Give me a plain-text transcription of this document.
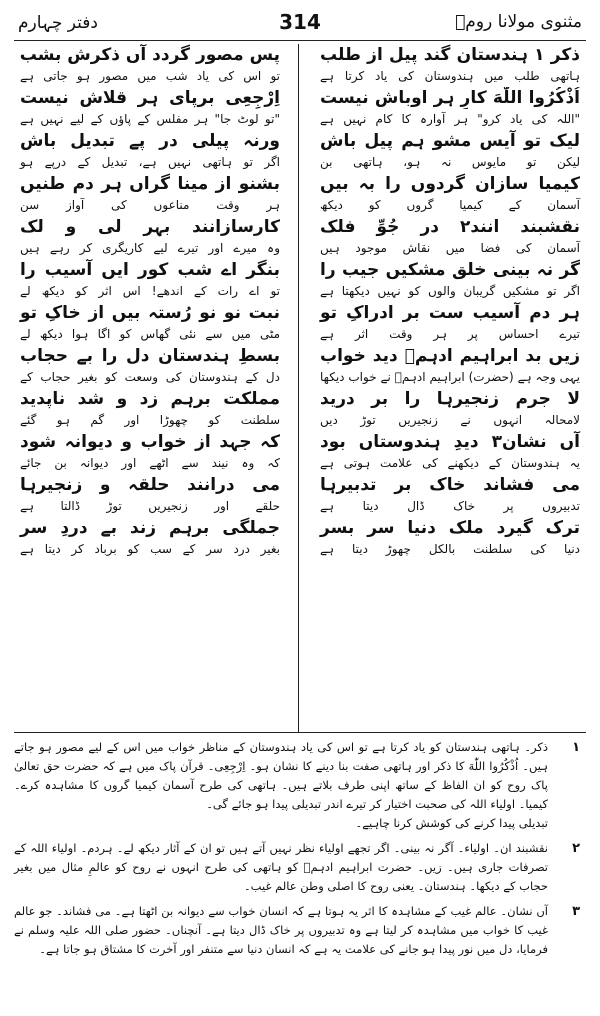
مثنوی مولانا رومؒ
314
دفتر چہارم
ذکر ۱ ہندستان گند پیل از طلب
ہاتھی طلب میں ہندوستان کی یاد کرتا ہے
اُذْكُرُوا اللّٰهَ کارِ ہر اوباش نیست
"اللہ کی یاد کرو" ہر آوارہ کا کام نہیں ہے
لیک تو آیس مشو ہم پیل باش
لیکن تو مایوس نہ ہو، ہاتھی بن
کیمیا سازان گردوں را بہ بیں
آسمان کے کیمیا گروں کو دیکھ
نقشبند انند۲ در جُوِّ فلک
آسمان کی فضا میں نقاش موجود ہیں
گر نہ بینی خلق مشکیں جیب را
اگر تو مشکیں گریبان والوں کو نہیں دیکھتا ہے
ہر دم آسیب ست بر ادراکِ تو
تیرے احساس پر ہر وقت اثر ہے
زیں بد ابراہیم ادہمؒ دید خواب
یہی وجہ ہے (حضرت) ابراہیم ادہمؒ نے خواب دیکھا
لا جرم زنجیرہا را بر درید
لامحالہ انہوں نے زنجیریں توڑ دیں
آں نشان۳ دیدِ ہندوستاں بود
یہ ہندوستان کے دیکھنے کی علامت ہوتی ہے
می فشاند خاک بر تدبیرہا
تدبیروں پر خاک ڈال دیتا ہے
ترک گیرد ملک دنیا سر بسر
دنیا کی سلطنت بالکل چھوڑ دیتا ہے
پس مصور گردد آں ذکرش بشب
تو اس کی یاد شب میں مصور ہو جاتی ہے
اِرْجِعِی برپای ہر قلاش نیست
"تو لوٹ جا" ہر مفلس کے پاؤں کے لیے نہیں ہے
ورنہ پیلی در پے تبدیل باش
اگر تو ہاتھی نہیں ہے، تبدیل کے درپے ہو
بشنو از مینا گراں ہر دم طنیں
ہر وقت مناعوں کی آواز سن
کارسازانند بہر لی و لک
وہ میرے اور تیرے لیے کاریگری کر رہے ہیں
بنگر اے شب کور ایں آسیب را
تو اے رات کے اندھے! اس اثر کو دیکھ لے
نبت نو نو رُستہ بیں از خاکِ تو
مٹی میں سے نئی گھاس کو اگا ہوا دیکھ لے
بسطِ ہندستان دل را بے حجاب
دل کے ہندوستان کی وسعت کو بغیر حجاب کے
مملکت برہم زد و شد ناپدید
سلطنت کو چھوڑا اور گم ہو گئے
کہ جہد از خواب و دیوانہ شود
کہ وہ نیند سے اٹھے اور دیوانہ بن جائے
می درانند حلقہ و زنجیرہا
حلقے اور زنجیریں توڑ ڈالتا ہے
جملگی برہم زند بے دردِ سر
بغیر درد سر کے سب کو برباد کر دیتا ہے
۱
ذکر۔ ہاتھی ہندستان کو یاد کرتا ہے تو اس کی یاد ہندوستان کے مناظر خواب میں اس کے لیے مصور ہو جاتے ہیں۔ اُذْكُرُوا اللّٰهَ کا ذکر اور ہاتھی صفت بنا دینے کا نشان ہو۔ اِرْجِعِی۔ قرآن پاک میں ہے کہ حضرت حق تعالیٰ پاک روح کو ان الفاظ کے ساتھ اپنی طرف بلاتے ہیں۔ ہاتھی کی طرح آسمان کیمیا گروں کا مشاہدہ کرے۔ کیمیا۔ اولیاء اللہ کی صحبت اختیار کر تیرے اندر تبدیلی پیدا ہو جائے گی۔
تبدیلی پیدا کرنے کی کوشش کرنا چاہیے۔
۲
نقشبند ان۔ اولیاء۔ آگر نہ بینی۔ اگر تجھے اولیاء نظر نہیں آتے ہیں تو ان کے آثار دیکھ لے۔ ہردم۔ اولیاء اللہ کے تصرفات جاری ہیں۔ زیں۔ حضرت ابراہیم ادہمؒ کو ہاتھی کی طرح انہوں نے روح کو عالمِ مثال میں بغیر حجاب کے دیکھا۔ ہندستان۔ یعنی روح کا اصلی وطن عالم غیب۔
۳
آں نشان۔ عالم غیب کے مشاہدہ کا اثر یہ ہوتا ہے کہ انسان خواب سے دیوانہ بن اٹھتا ہے۔ می فشاند۔ جو عالم غیب کا خواب میں مشاہدہ کر لیتا ہے وہ تدبیروں پر خاک ڈال دیتا ہے۔ آنچناں۔ حضور صلی اللہ علیہ وسلم نے فرمایا، دل میں نور پیدا ہو جانے کی علامت یہ ہے کہ انسان دنیا سے متنفر اور آخرت کا مشتاق ہو جاتا ہے۔
